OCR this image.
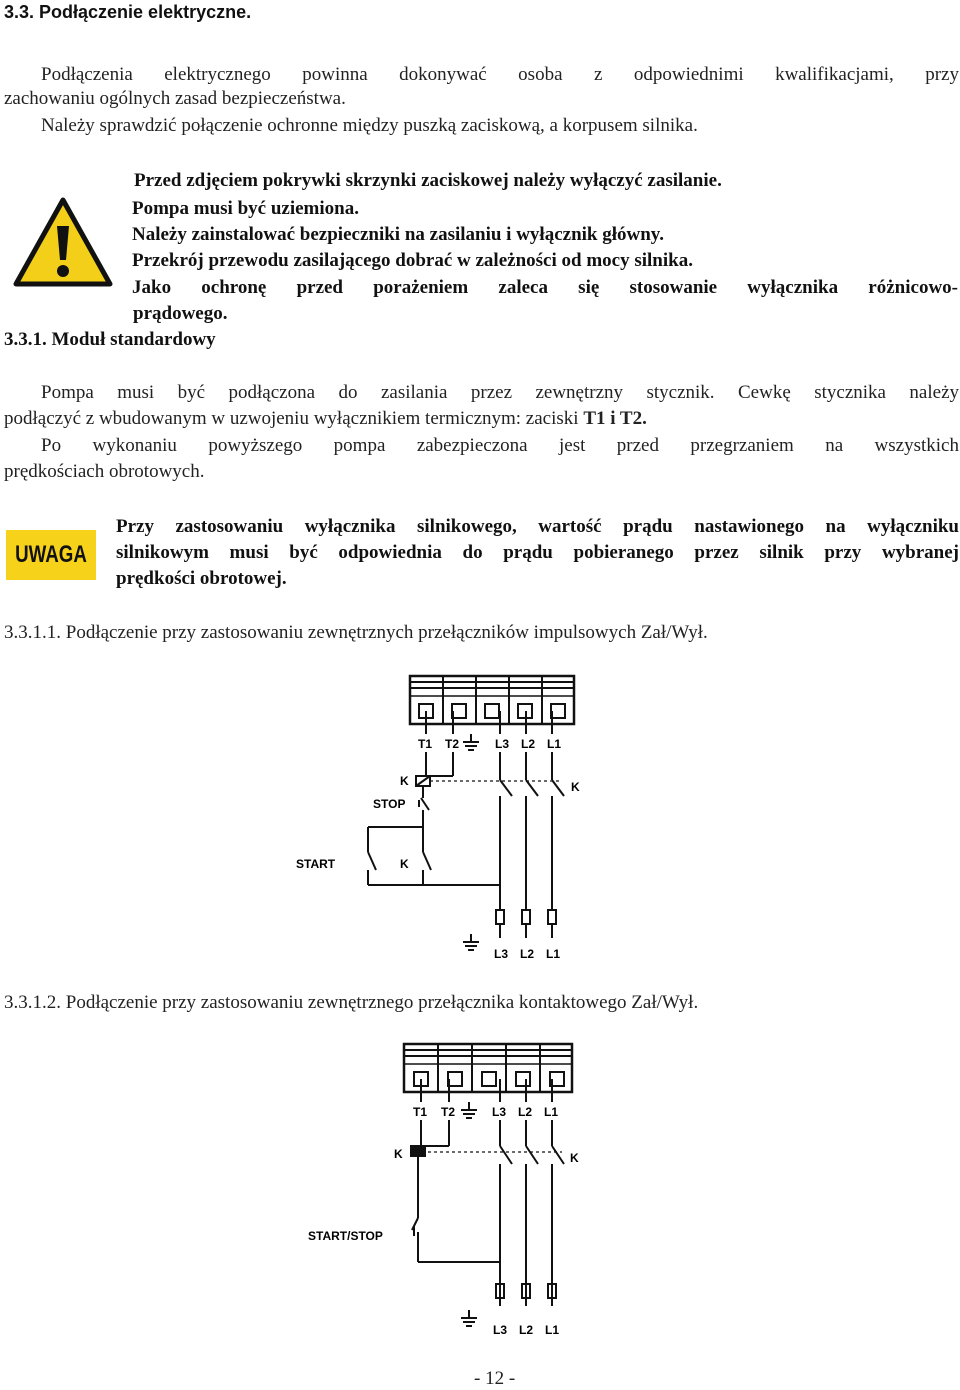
3.3. Podłączenie elektryczne.
Podłączenia elektrycznego powinna dokonywać osoba z odpowiednimi kwalifikacjami, przy
zachowaniu ogólnych zasad bezpieczeństwa.
Należy sprawdzić połączenie ochronne między puszką zaciskową, a korpusem silnika.
Przed zdjęciem pokrywki skrzynki zaciskowej należy wyłączyć zasilanie.
Pompa musi być uziemiona.
Należy zainstalować bezpieczniki na zasilaniu i wyłącznik główny.
Przekrój przewodu zasilającego dobrać w zależności od mocy silnika.
Jako ochronę przed porażeniem zaleca się stosowanie wyłącznika różnicowo-
prądowego.
3.3.1. Moduł standardowy
Pompa musi być podłączona do zasilania przez zewnętrzny stycznik. Cewkę stycznika należy
podłączyć z wbudowanym w uzwojeniu wyłącznikiem termicznym: zaciski T1 i T2.
Po wykonaniu powyższego pompa zabezpieczona jest przed przegrzaniem na wszystkich
prędkościach obrotowych.
UWAGA
Przy zastosowaniu wyłącznika silnikowego, wartość prądu nastawionego na wyłączniku
silnikowym musi być odpowiednia do prądu pobieranego przez silnik przy wybranej
prędkości obrotowej.
3.3.1.1. Podłączenie przy zastosowaniu zewnętrznych przełączników impulsowych Zał/Wył.
T1 T2	L3 L2 L1
K	K
STOP
START	K
L3 L2 L1
3.3.1.2. Podłączenie przy zastosowaniu zewnętrznego przełącznika kontaktowego Zał/Wył.
T1 T2	L3 L2 L1
K	K
START/STOP
L3 L2 L1
- 12 -
